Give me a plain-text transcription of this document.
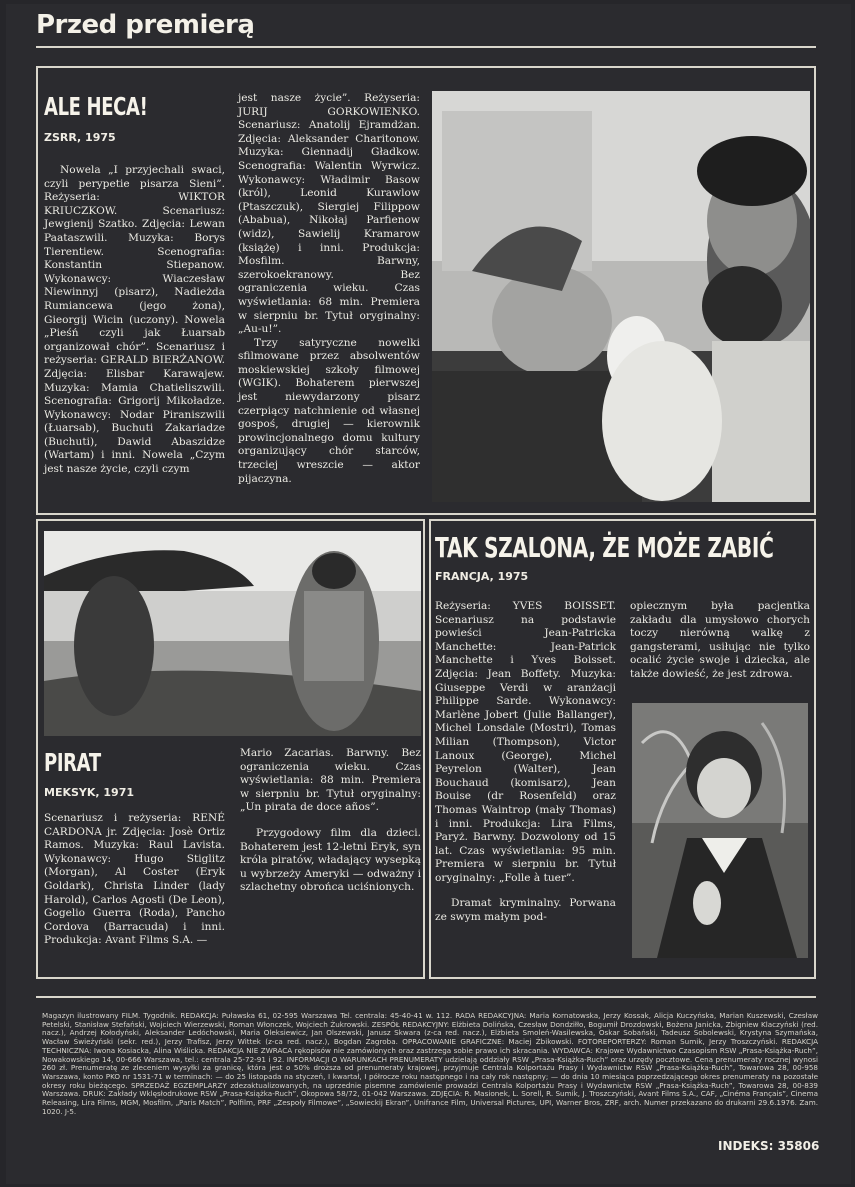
Przed premierą
ALE HECA!
ZSRR, 1975

Nowela „I przyjechali swaci, czyli perypetie pisarza Sieni”. Reżyseria: WIKTOR KRIUCZKOW. Scenariusz: Jewgienij Szatko. Zdjęcia: Lewan Paataszwili. Muzyka: Borys Tierentiew. Scenografia: Konstantin Stiepanow. Wykonawcy: Wiaczesław Niewinnyj (pisarz), Nadieżda Rumiancewa (jego żona), Gieorgij Wicin (uczony). Nowela „Pieśń czyli jak Łuarsab organizował chór”. Scenariusz i reżyseria: GERALD BIERŻANOW. Zdjęcia: Elisbar Karawajew. Muzyka: Mamia Chatieliszwili. Scenografia: Grigorij Mikoładze. Wykonawcy: Nodar Piraniszwili (Łuarsab), Buchuti Zakariadze (Buchuti), Dawid Abaszidze (Wartam) i inni. Nowela „Czym jest nasze życie, czyli czym

jest nasze życie”. Reżyseria: JURIJ GORKOWIENKO. Scenariusz: Anatolij Ejramdżan. Zdjęcia: Aleksander Charitonow. Muzyka: Giennadij Gładkow. Scenografia: Walentin Wyrwicz. Wykonawcy: Władimir Basow (król), Leonid Kurawlow (Ptaszczuk), Siergiej Filippow (Ababua), Nikołaj Parfienow (widz), Sawielij Kramarow (książę) i inni. Produkcja: Mosfilm. Barwny, szerokoekranowy. Bez ograniczenia wieku. Czas wyświetlania: 68 min. Premiera w sierpniu br. Tytuł oryginalny: „Au-u!”.

Trzy satyryczne nowelki sfilmowane przez absolwentów moskiewskiej szkoły filmowej (WGIK). Bohaterem pierwszej jest niewydarzony pisarz czerpiący natchnienie od własnej gospoś, drugiej — kierownik prowincjonalnego domu kultury organizujący chór starców, trzeciej wreszcie — aktor pijaczyna.

PIRAT
MEKSYK, 1971

Scenariusz i reżyseria: RENÉ CARDONA jr. Zdjęcia: Josè Ortiz Ramos. Muzyka: Raul Lavista. Wykonawcy: Hugo Stiglitz (Morgan), Al Coster (Eryk Goldark), Christa Linder (lady Harold), Carlos Agosti (De Leon), Gogelio Guerra (Roda), Pancho Cordova (Barracuda) i inni. Produkcja: Avant Films S.A. —

Mario Zacarias. Barwny. Bez ograniczenia wieku. Czas wyświetlania: 88 min. Premiera w sierpniu br. Tytuł oryginalny: „Un pirata de doce años”.

Przygodowy film dla dzieci. Bohaterem jest 12-letni Eryk, syn króla piratów, władający wysepką u wybrzeży Ameryki — odważny i szlachetny obrońca uciśnionych.

TAK SZALONA, ŻE MOŻE ZABIĆ
FRANCJA, 1975

Reżyseria: YVES BOISSET. Scenariusz na podstawie powieści Jean-Patricka Manchette: Jean-Patrick Manchette i Yves Boisset. Zdjęcia: Jean Boffety. Muzyka: Giuseppe Verdi w aranżacji Philippe Sarde. Wykonawcy: Marlène Jobert (Julie Ballanger), Michel Lonsdale (Mostri), Tomas Milian (Thompson), Victor Lanoux (George), Michel Peyrelon (Walter), Jean Bouchaud (komisarz), Jean Bouise (dr Rosenfeld) oraz Thomas Waintrop (mały Thomas) i inni. Produkcja: Lira Films, Paryż. Barwny. Dozwolony od 15 lat. Czas wyświetlania: 95 min. Premiera w sierpniu br. Tytuł oryginalny: „Folle à tuer”.

Dramat kryminalny. Porwana ze swym małym pod-

opiecznym była pacjentka zakładu dla umysłowo chorych toczy nierówną walkę z gangsterami, usiłując nie tylko ocalić życie swoje i dziecka, ale także dowieść, że jest zdrowa.

Magazyn ilustrowany FILM. Tygodnik. REDAKCJA: Puławska 61, 02-595 Warszawa Tel. centrala: 45-40-41 w. 112. RADA REDAKCYJNA: Maria Kornatowska, Jerzy Kossak, Alicja Kuczyńska, Marian Kuszewski, Czesław Petelski, Stanisław Stefański, Wojciech Wierzewski, Roman Włonczek, Wojciech Żukrowski. ZESPÓŁ REDAKCYJNY: Elżbieta Dolińska, Czesław Dondziłło, Bogumił Drozdowski, Bożena Janicka, Zbigniew Klaczyński (red. nacz.), Andrzej Kołodyński, Aleksander Ledóchowski, Maria Oleksiewicz, Jan Olszewski, Janusz Skwara (z-ca red. nacz.), Elżbieta Smoleń-Wasilewska, Oskar Sobański, Tadeusz Sobolewski, Krystyna Szymańska, Wacław Świeżyński (sekr. red.), Jerzy Trafisz, Jerzy Wittek (z-ca red. nacz.), Bogdan Zagroba. OPRACOWANIE GRAFICZNE: Maciej Żbikowski. FOTOREPORTERZY: Roman Sumik, Jerzy Troszczyński. REDAKCJA TECHNICZNA: Iwona Kosiacka, Alina Wiślicka. REDAKCJA NIE ZWRACA rękopisów nie zamówionych oraz zastrzega sobie prawo ich skracania. WYDAWCA: Krajowe Wydawnictwo Czasopism RSW „Prasa-Książka-Ruch”, Nowakowskiego 14, 00-666 Warszawa, tel.: centrala 25-72-91 i 92. INFORMACJI O WARUNKACH PRENUMERATY udzielają oddziały RSW „Prasa-Książka-Ruch” oraz urzędy pocztowe. Cena prenumeraty rocznej wynosi 260 zł. Prenumeratę ze zleceniem wysyłki za granicę, która jest o 50% droższa od prenumeraty krajowej, przyjmuje Centrala Kolportażu Prasy i Wydawnictw RSW „Prasa-Książka-Ruch”, Towarowa 28, 00-958 Warszawa, konto PKO nr 1531-71 w terminach: — do 25 listopada na styczeń, I kwartał, I półrocze roku następnego i na cały rok następny; — do dnia 10 miesiąca poprzedzającego okres prenumeraty na pozostałe okresy roku bieżącego. SPRZEDAŻ EGZEMPLARZY zdezaktualizowanych, na uprzednie pisemne zamówienie prowadzi Centrala Kolportażu Prasy i Wydawnictw RSW „Prasa-Książka-Ruch”, Towarowa 28, 00-839 Warszawa. DRUK: Zakłady Wklęsłodrukowe RSW „Prasa-Książka-Ruch”, Okopowa 58/72, 01-042 Warszawa. ZDJĘCIA: R. Masionek, L. Sorell, R. Sumik, J. Troszczyński, Avant Films S.A., CAF, „Cinéma Français”, Cinema Releasing, Lira Films, MGM, Mosfilm, „Paris Match”, Polfilm, PRF „Zespoły Filmowe”, „Sowieckij Ekran”, Unifrance Film, Universal Pictures, UPI, Warner Bros, ZRF, arch. Numer przekazano do drukarni 29.6.1976. Zam. 1020. J-5.
INDEKS: 35806
